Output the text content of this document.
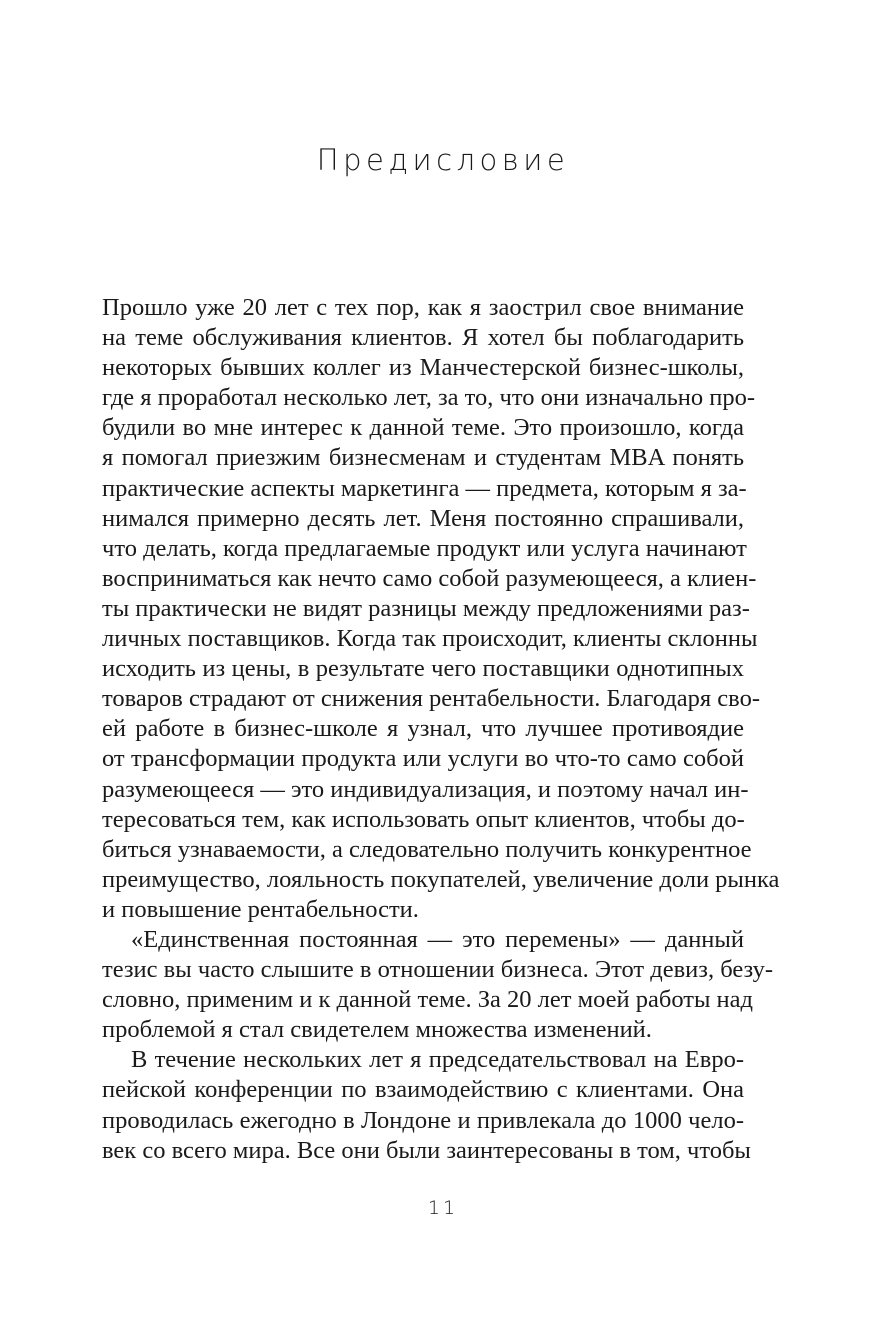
Предисловие
Прошло уже 20 лет с тех пор, как я заострил свое внимание
на теме обслуживания клиентов. Я хотел бы поблагодарить
некоторых бывших коллег из Манчестерской бизнес-школы,
где я проработал несколько лет, за то, что они изначально про-
будили во мне интерес к данной теме. Это произошло, когда
я помогал приезжим бизнесменам и студентам MBA понять
практические аспекты маркетинга — предмета, которым я за-
нимался примерно десять лет. Меня постоянно спрашивали,
что делать, когда предлагаемые продукт или услуга начинают
восприниматься как нечто само собой разумеющееся, а клиен-
ты практически не видят разницы между предложениями раз-
личных поставщиков. Когда так происходит, клиенты склонны
исходить из цены, в результате чего поставщики однотипных
товаров страдают от снижения рентабельности. Благодаря сво-
ей работе в бизнес-школе я узнал, что лучшее противоядие
от трансформации продукта или услуги во что-то само собой
разумеющееся — это индивидуализация, и поэтому начал ин-
тересоваться тем, как использовать опыт клиентов, чтобы до-
биться узнаваемости, а следовательно получить конкурентное
преимущество, лояльность покупателей, увеличение доли рынка
и повышение рентабельности.
«Единственная постоянная — это перемены» — данный
тезис вы часто слышите в отношении бизнеса. Этот девиз, безу-
словно, применим и к данной теме. За 20 лет моей работы над
проблемой я стал свидетелем множества изменений.
В течение нескольких лет я председательствовал на Евро-
пейской конференции по взаимодействию с клиентами. Она
проводилась ежегодно в Лондоне и привлекала до 1000 чело-
век со всего мира. Все они были заинтересованы в том, чтобы
11
